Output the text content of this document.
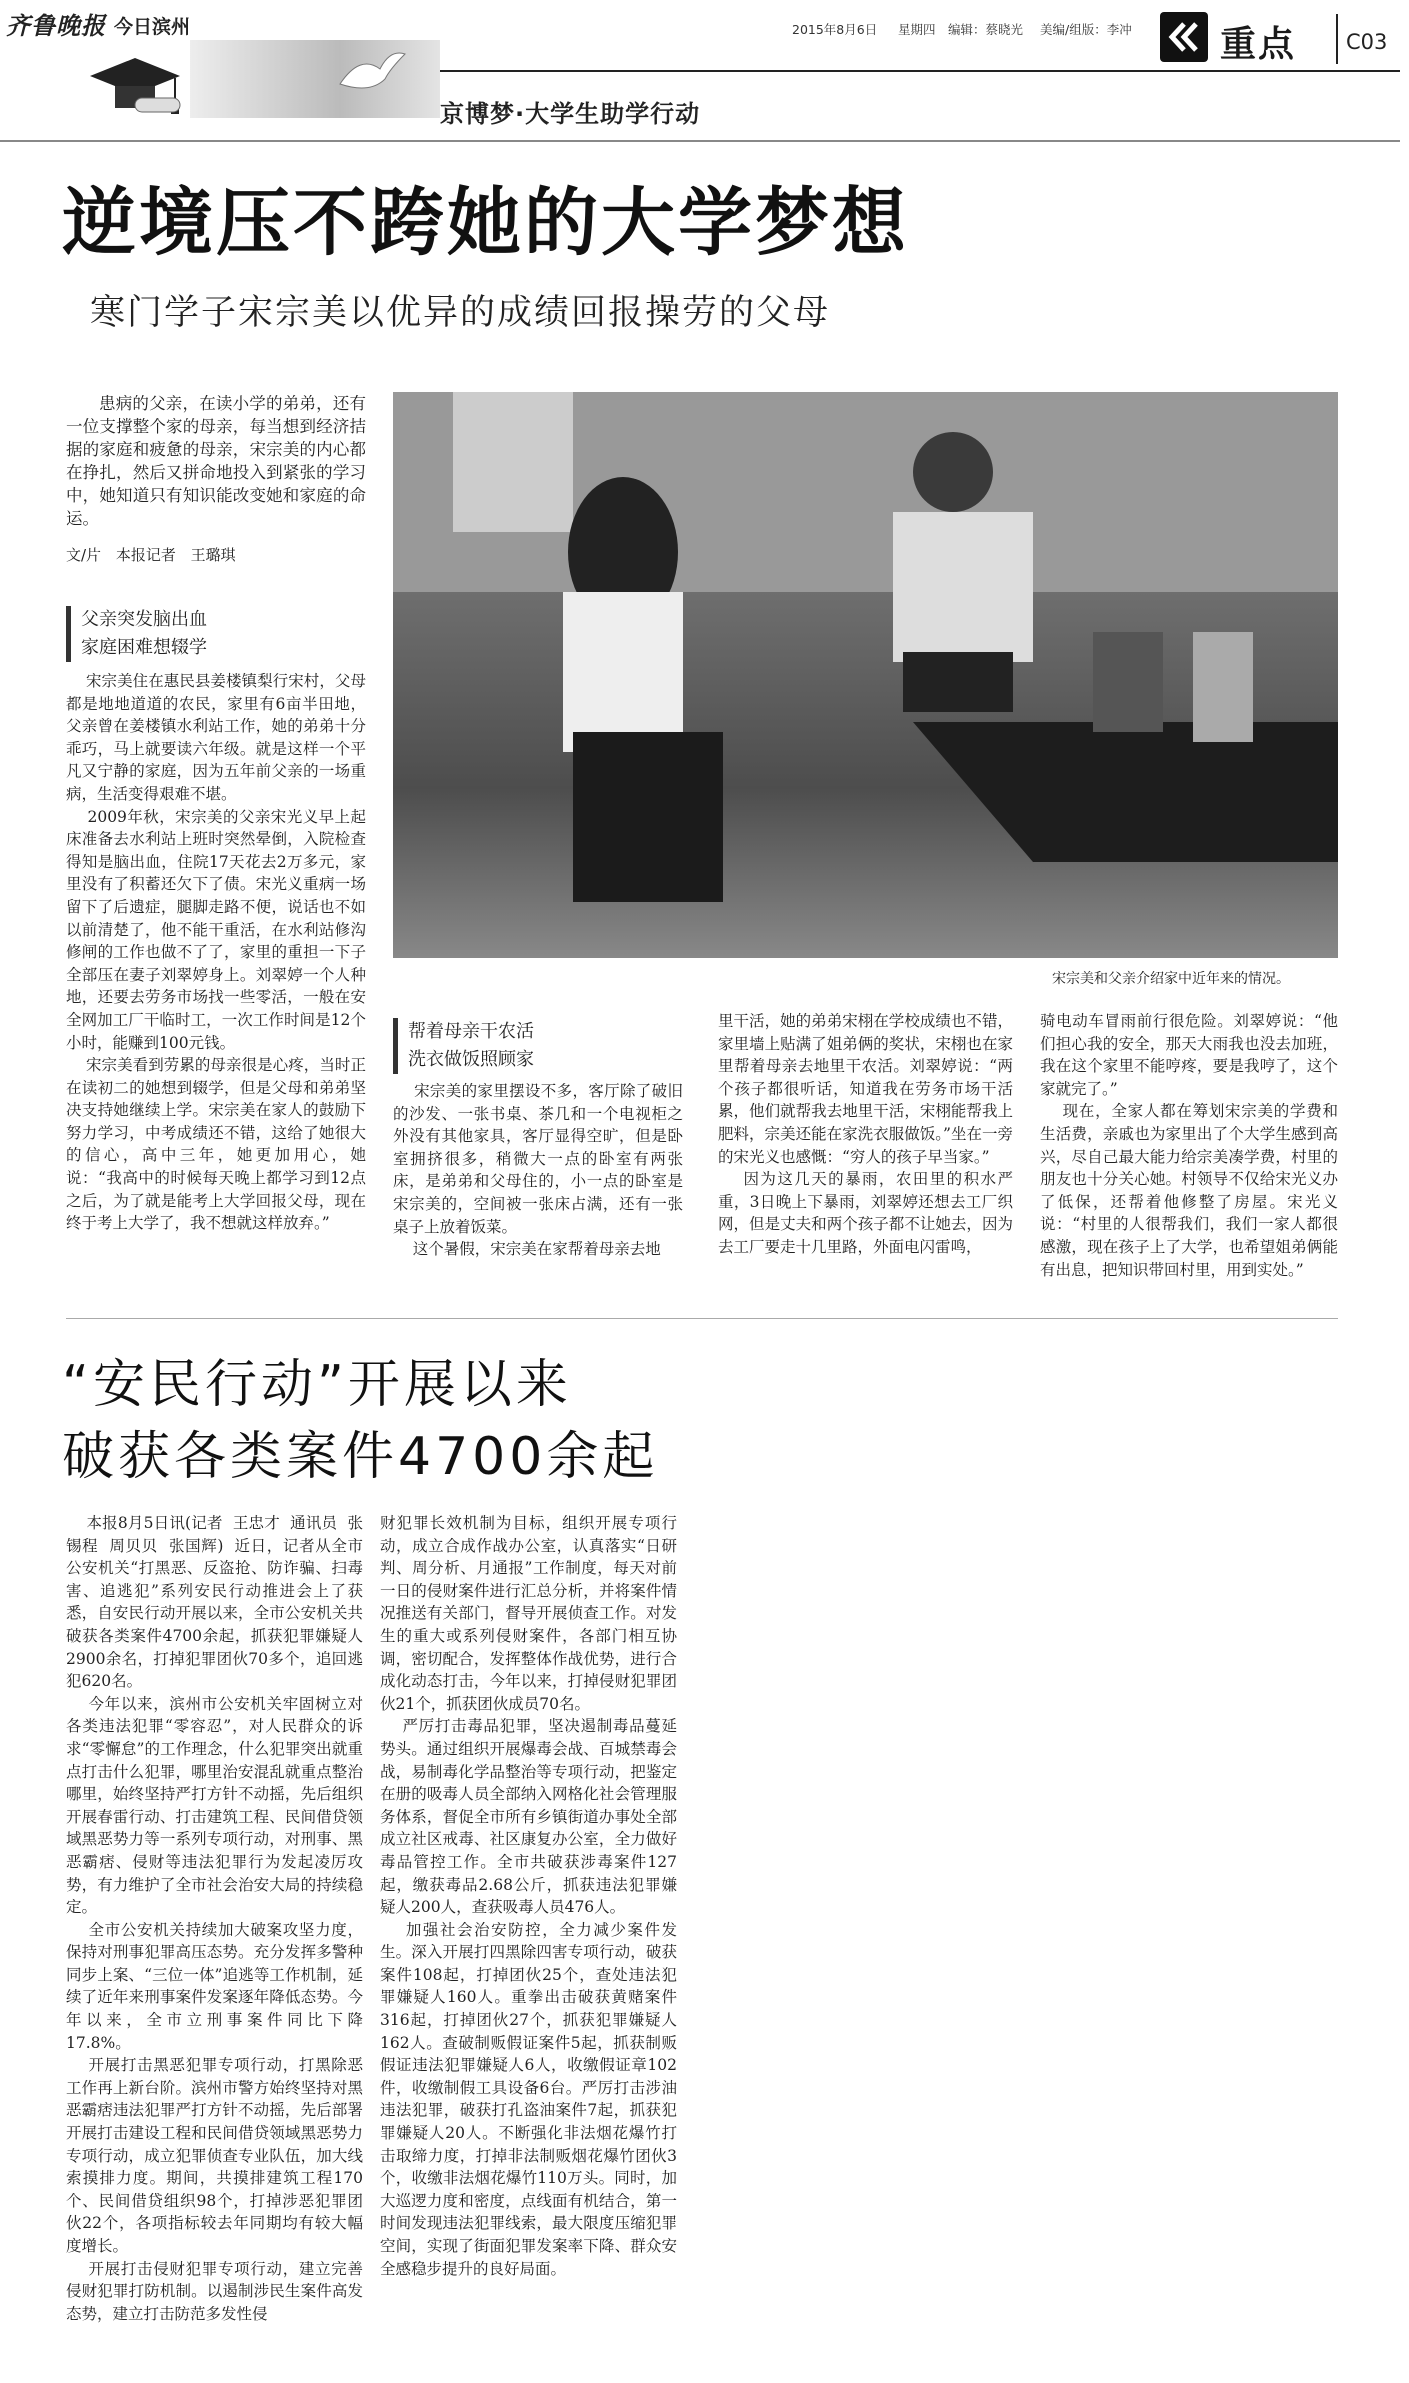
齐鲁晚报 今日滨州
京博梦·大学生助学行动
2015年8月6日 星期四 编辑：蔡晓光 美编/组版：李冲 重点 C03
逆境压不跨她的大学梦想
寒门学子宋宗美以优异的成绩回报操劳的父母
患病的父亲，在读小学的弟弟，还有一位支撑整个家的母亲，每当想到经济拮据的家庭和疲惫的母亲，宋宗美的内心都在挣扎，然后又拼命地投入到紧张的学习中，她知道只有知识能改变她和家庭的命运。
文/片 本报记者 王璐琪
宋宗美和父亲介绍家中近年来的情况。
父亲突发脑出血
家庭困难想辍学
宋宗美住在惠民县姜楼镇梨行宋村，父母都是地地道道的农民，家里有6亩半田地，父亲曾在姜楼镇水利站工作，她的弟弟十分乖巧，马上就要读六年级。就是这样一个平凡又宁静的家庭，因为五年前父亲的一场重病，生活变得艰难不堪。
2009年秋，宋宗美的父亲宋光义早上起床准备去水利站上班时突然晕倒，入院检查得知是脑出血，住院17天花去2万多元，家里没有了积蓄还欠下了债。宋光义重病一场留下了后遗症，腿脚走路不便，说话也不如以前清楚了，他不能干重活，在水利站修沟修闸的工作也做不了了，家里的重担一下子全部压在妻子刘翠婷身上。刘翠婷一个人种地，还要去劳务市场找一些零活，一般在安全网加工厂干临时工，一次工作时间是12个小时，能赚到100元钱。
宋宗美看到劳累的母亲很是心疼，当时正在读初二的她想到辍学，但是父母和弟弟坚决支持她继续上学。宋宗美在家人的鼓励下努力学习，中考成绩还不错，这给了她很大的信心，高中三年，她更加用心，她说：“我高中的时候每天晚上都学习到12点之后，为了就是能考上大学回报父母，现在终于考上大学了，我不想就这样放弃。”
帮着母亲干农活
洗衣做饭照顾家
宋宗美的家里摆设不多，客厅除了破旧的沙发、一张书桌、茶几和一个电视柜之外没有其他家具，客厅显得空旷，但是卧室拥挤很多，稍微大一点的卧室有两张床，是弟弟和父母住的，小一点的卧室是宋宗美的，空间被一张床占满，还有一张桌子上放着饭菜。
这个暑假，宋宗美在家帮着母亲去地
里干活，她的弟弟宋栩在学校成绩也不错，家里墙上贴满了姐弟俩的奖状，宋栩也在家里帮着母亲去地里干农活。刘翠婷说：“两个孩子都很听话，知道我在劳务市场干活累，他们就帮我去地里干活，宋栩能帮我上肥料，宗美还能在家洗衣服做饭。”坐在一旁的宋光义也感慨：“穷人的孩子早当家。”
因为这几天的暴雨，农田里的积水严重，3日晚上下暴雨，刘翠婷还想去工厂织网，但是丈夫和两个孩子都不让她去，因为去工厂要走十几里路，外面电闪雷鸣，
骑电动车冒雨前行很危险。刘翠婷说：“他们担心我的安全，那天大雨我也没去加班，我在这个家里不能哼疼，要是我哼了，这个家就完了。”
现在，全家人都在筹划宋宗美的学费和生活费，亲戚也为家里出了个大学生感到高兴，尽自己最大能力给宗美凑学费，村里的朋友也十分关心她。村领导不仅给宋光义办了低保，还帮着他修整了房屋。宋光义说：“村里的人很帮我们，我们一家人都很感激，现在孩子上了大学，也希望姐弟俩能有出息，把知识带回村里，用到实处。”
“安民行动”开展以来
破获各类案件4700余起
本报8月5日讯(记者  王忠才  通讯员  张锡程  周贝贝  张国辉)  近日，记者从全市公安机关“打黑恶、反盗抢、防诈骗、扫毒害、追逃犯”系列安民行动推进会上了获悉，自安民行动开展以来，全市公安机关共破获各类案件4700余起，抓获犯罪嫌疑人2900余名，打掉犯罪团伙70多个，追回逃犯620名。
今年以来，滨州市公安机关牢固树立对各类违法犯罪“零容忍”，对人民群众的诉求“零懈怠”的工作理念，什么犯罪突出就重点打击什么犯罪，哪里治安混乱就重点整治哪里，始终坚持严打方针不动摇，先后组织开展春雷行动、打击建筑工程、民间借贷领域黑恶势力等一系列专项行动，对刑事、黑恶霸痞、侵财等违法犯罪行为发起凌厉攻势，有力维护了全市社会治安大局的持续稳定。
全市公安机关持续加大破案攻坚力度，保持对刑事犯罪高压态势。充分发挥多警种同步上案、“三位一体”追逃等工作机制，延续了近年来刑事案件发案逐年降低态势。今年以来，全市立刑事案件同比下降17.8%。
开展打击黑恶犯罪专项行动，打黑除恶工作再上新台阶。滨州市警方始终坚持对黑恶霸痞违法犯罪严打方针不动摇，先后部署开展打击建设工程和民间借贷领域黑恶势力专项行动，成立犯罪侦查专业队伍，加大线索摸排力度。期间，共摸排建筑工程170个、民间借贷组织98个，打掉涉恶犯罪团伙22个，各项指标较去年同期均有较大幅度增长。
开展打击侵财犯罪专项行动，建立完善侵财犯罪打防机制。以遏制涉民生案件高发态势，建立打击防范多发性侵
财犯罪长效机制为目标，组织开展专项行动，成立合成作战办公室，认真落实“日研判、周分析、月通报”工作制度，每天对前一日的侵财案件进行汇总分析，并将案件情况推送有关部门，督导开展侦查工作。对发生的重大或系列侵财案件，各部门相互协调，密切配合，发挥整体作战优势，进行合成化动态打击，今年以来，打掉侵财犯罪团伙21个，抓获团伙成员70名。
严厉打击毒品犯罪，坚决遏制毒品蔓延势头。通过组织开展爆毒会战、百城禁毒会战，易制毒化学品整治等专项行动，把鉴定在册的吸毒人员全部纳入网格化社会管理服务体系，督促全市所有乡镇街道办事处全部成立社区戒毒、社区康复办公室，全力做好毒品管控工作。全市共破获涉毒案件127起，缴获毒品2.68公斤，抓获违法犯罪嫌疑人200人，查获吸毒人员476人。
加强社会治安防控，全力减少案件发生。深入开展打四黑除四害专项行动，破获案件108起，打掉团伙25个，查处违法犯罪嫌疑人160人。重拳出击破获黄赌案件316起，打掉团伙27个，抓获犯罪嫌疑人162人。查破制贩假证案件5起，抓获制贩假证违法犯罪嫌疑人6人，收缴假证章102件，收缴制假工具设备6台。严厉打击涉油违法犯罪，破获打孔盗油案件7起，抓获犯罪嫌疑人20人。不断强化非法烟花爆竹打击取缔力度，打掉非法制贩烟花爆竹团伙3个，收缴非法烟花爆竹110万头。同时，加大巡逻力度和密度，点线面有机结合，第一时间发现违法犯罪线索，最大限度压缩犯罪空间，实现了街面犯罪发案率下降、群众安全感稳步提升的良好局面。
